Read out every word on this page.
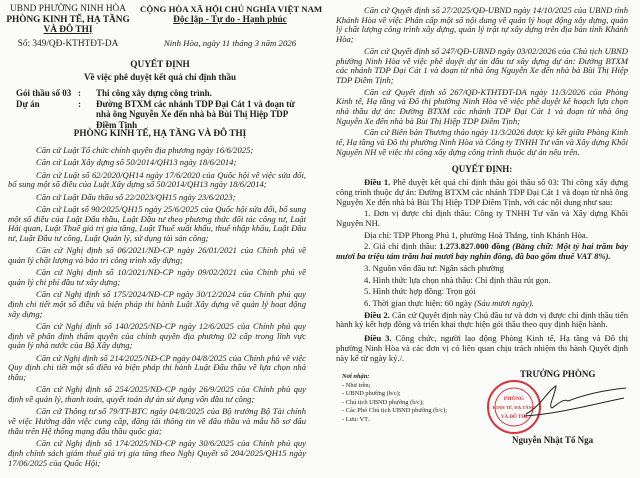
UBND PHƯỜNG NINH HÒA
PHÒNG KINH TẾ, HẠ TẦNG
VÀ ĐÔ THỊ
Số: 349/QĐ-KTHTĐT-DA
CỘNG HÒA XÃ HỘI CHỦ NGHĨA VIỆT NAM
Độc lập - Tự do - Hạnh phúc
Ninh Hòa, ngày 11 tháng 3 năm 2026
QUYẾT ĐỊNH
Về việc phê duyệt kết quả chỉ định thầu
Gói thầu số 03 :	Thi công xây dựng công trình.
Dự án	:	Đường BTXM các nhánh TDP Đại Cát 1 và đoạn từ nhà ông Nguyễn Xe đến nhà bà Bùi Thị Hiệp TDP Điềm Tịnh
PHÒNG KINH TẾ, HẠ TẦNG VÀ ĐÔ THỊ

Căn cứ Luật Tổ chức chính quyền địa phương ngày 16/6/2025;

Căn cứ Luật Xây dựng số 50/2014/QH13 ngày 18/6/2014;

Căn cứ Luật số 62/2020/QH14 ngày 17/6/2020 của Quốc hội về việc sửa đổi, bổ sung một số điều của Luật Xây dựng số 50/2014/QH13 ngày 18/6/2014;

Căn cứ Luật Đấu thầu số 22/2023/QH15 ngày 23/6/2023;

Căn cứ Luật số 90/2025/QH15 ngày 25/6/2025 của Quốc hội sửa đổi, bổ sung một số điều của Luật Đấu thầu, Luật Đầu tư theo phương thức đối tác công tư, Luật Hải quan, Luật Thuế giá trị gia tăng, Luật Thuế xuất khẩu, thuế nhập khẩu, Luật Đầu tư, Luật Đầu tư công, Luật Quản lý, sử dụng tài sản công;

Căn cứ Nghị định số 06/2021/NĐ-CP ngày 26/01/2021 của Chính phủ về quản lý chất lượng và bảo trì công trình xây dựng;

Căn cứ Nghị định số 10/2021/NĐ-CP ngày 09/02/2021 của Chính phủ về quản lý chi phí đầu tư xây dựng;

Căn cứ Nghị định số 175/2024/NĐ-CP ngày 30/12/2024 của Chính phủ quy định chi tiết một số điều và biện pháp thi hành Luật Xây dựng về quản lý hoạt động xây dựng;

Căn cứ Nghị định số 140/2025/NĐ-CP ngày 12/6/2025 của Chính phủ quy định về phân định thẩm quyền của chính quyền địa phương 02 cấp trong lĩnh vực quản lý nhà nước của Bộ Xây dựng;

Căn cứ Nghị định số 214/2025/NĐ-CP ngày 04/8/2025 của Chính phủ về việc Quy định chi tiết một số điều và biện pháp thi hành Luật Đấu thầu về lựa chọn nhà thầu;

Căn cứ Nghị định số 254/2025/NĐ-CP ngày 26/9/2025 của Chính phủ quy định về quản lý, thanh toán, quyết toán dự án sử dụng vốn đầu tư công;

Căn cứ Thông tư số 79/TT-BTC ngày 04/8/2025 của Bộ trưởng Bộ Tài chính về việc Hướng dẫn việc cung cấp, đăng tải thông tin về đấu thầu và mẫu hồ sơ đấu thầu trên Hệ thống mạng đấu thầu quốc gia;

Căn cứ Nghị định số 174/2025/NĐ-CP ngày 30/6/2025 của Chính phủ quy định chính sách giảm thuế giá trị gia tăng theo Nghị Quyết số 204/2025/QH15 ngày 17/06/2025 của Quốc Hội;

Căn cứ Quyết định số 27/2025/QĐ-UBND ngày 14/10/2025 của UBND tỉnh Khánh Hòa về việc Phân cấp một số nội dung về quản lý hoạt động xây dựng, quản lý chất lượng công trình xây dựng, quản lý trật tự xây dựng trên địa bàn tỉnh Khánh Hòa;

Căn cứ Quyết định số 247/QĐ-UBND ngày 03/02/2026 của Chủ tịch UBND phường Ninh Hòa về việc phê duyệt dự án đầu tư xây dựng dự án: Đường BTXM các nhánh TDP Đại Cát 1 và đoạn từ nhà ông Nguyễn Xe đến nhà bà Bùi Thị Hiệp TDP Điềm Tịnh;

Căn cứ Quyết định số 267/QĐ-KTHTĐT-DA ngày 11/3/2026 của Phòng Kinh tế, Hạ tầng và Đô thị phường Ninh Hòa về việc phê duyệt kế hoạch lựa chọn nhà thầu dự án: Đường BTXM các nhánh TDP Đại Cát 1 và đoạn từ nhà ông Nguyễn Xe đến nhà bà Bùi Thị Hiệp TDP Điềm Tịnh;

Căn cứ Biên bản Thương thảo ngày 11/3/2026 được ký kết giữa Phòng Kinh tế, Hạ tầng và Đô thị phường Ninh Hòa và Công ty TNHH Tư vấn và Xây dựng Khôi Nguyên NH về việc thi công xây dựng công trình thuộc dự án nêu trên.

QUYẾT ĐỊNH:

Điều 1. Phê duyệt kết quả chỉ định thầu gói thầu số 03: Thi công xây dựng công trình thuộc dự án: Đường BTXM các nhánh TDP Đại Cát 1 và đoạn từ nhà ông Nguyễn Xe đến nhà bà Bùi Thị Hiệp TDP Điềm Tịnh, với các nội dung như sau:

1. Đơn vị được chỉ định thầu: Công ty TNHH Tư vấn và Xây dựng Khôi Nguyên NH.

Địa chỉ: TDP Phong Phú 1, phường Hoà Thắng, tỉnh Khánh Hòa.

2. Giá chỉ định thầu: 1.273.827.000 đồng (Bằng chữ: Một tỷ hai trăm bảy mươi ba triệu tám trăm hai mươi bảy nghìn đồng, đã bao gồm thuế VAT 8%).

3. Nguồn vốn đầu tư: Ngân sách phường

4. Hình thức lựa chọn nhà thầu: Chỉ định thầu rút gọn.

5. Hình thức hợp đồng: Trọn gói

6. Thời gian thực hiện: 60 ngày (Sáu mươi ngày).

Điều 2. Căn cứ Quyết định này Chủ đầu tư và đơn vị được chỉ định thầu tiến hành ký kết hợp đồng và triển khai thực hiện gói thầu theo quy định hiện hành.

Điều 3. Công chức, người lao động Phòng Kinh tế, Hạ tầng và Đô thị phường Ninh Hòa và các đơn vị có liên quan chịu trách nhiệm thi hành Quyết định này kể từ ngày ký./.

Nơi nhận:
- Như trên;
- UBND phường (b/c);
- Chủ tịch UBND phường (b/c);
- Các Phó Chủ tịch UBND phường (b/c);
- Lưu: VT.
TRƯỞNG PHÒNG
PHÒNG
KINH TẾ, HẠ TẦNG
VÀ ĐÔ THỊ
Nguyễn Nhật Tố Nga
